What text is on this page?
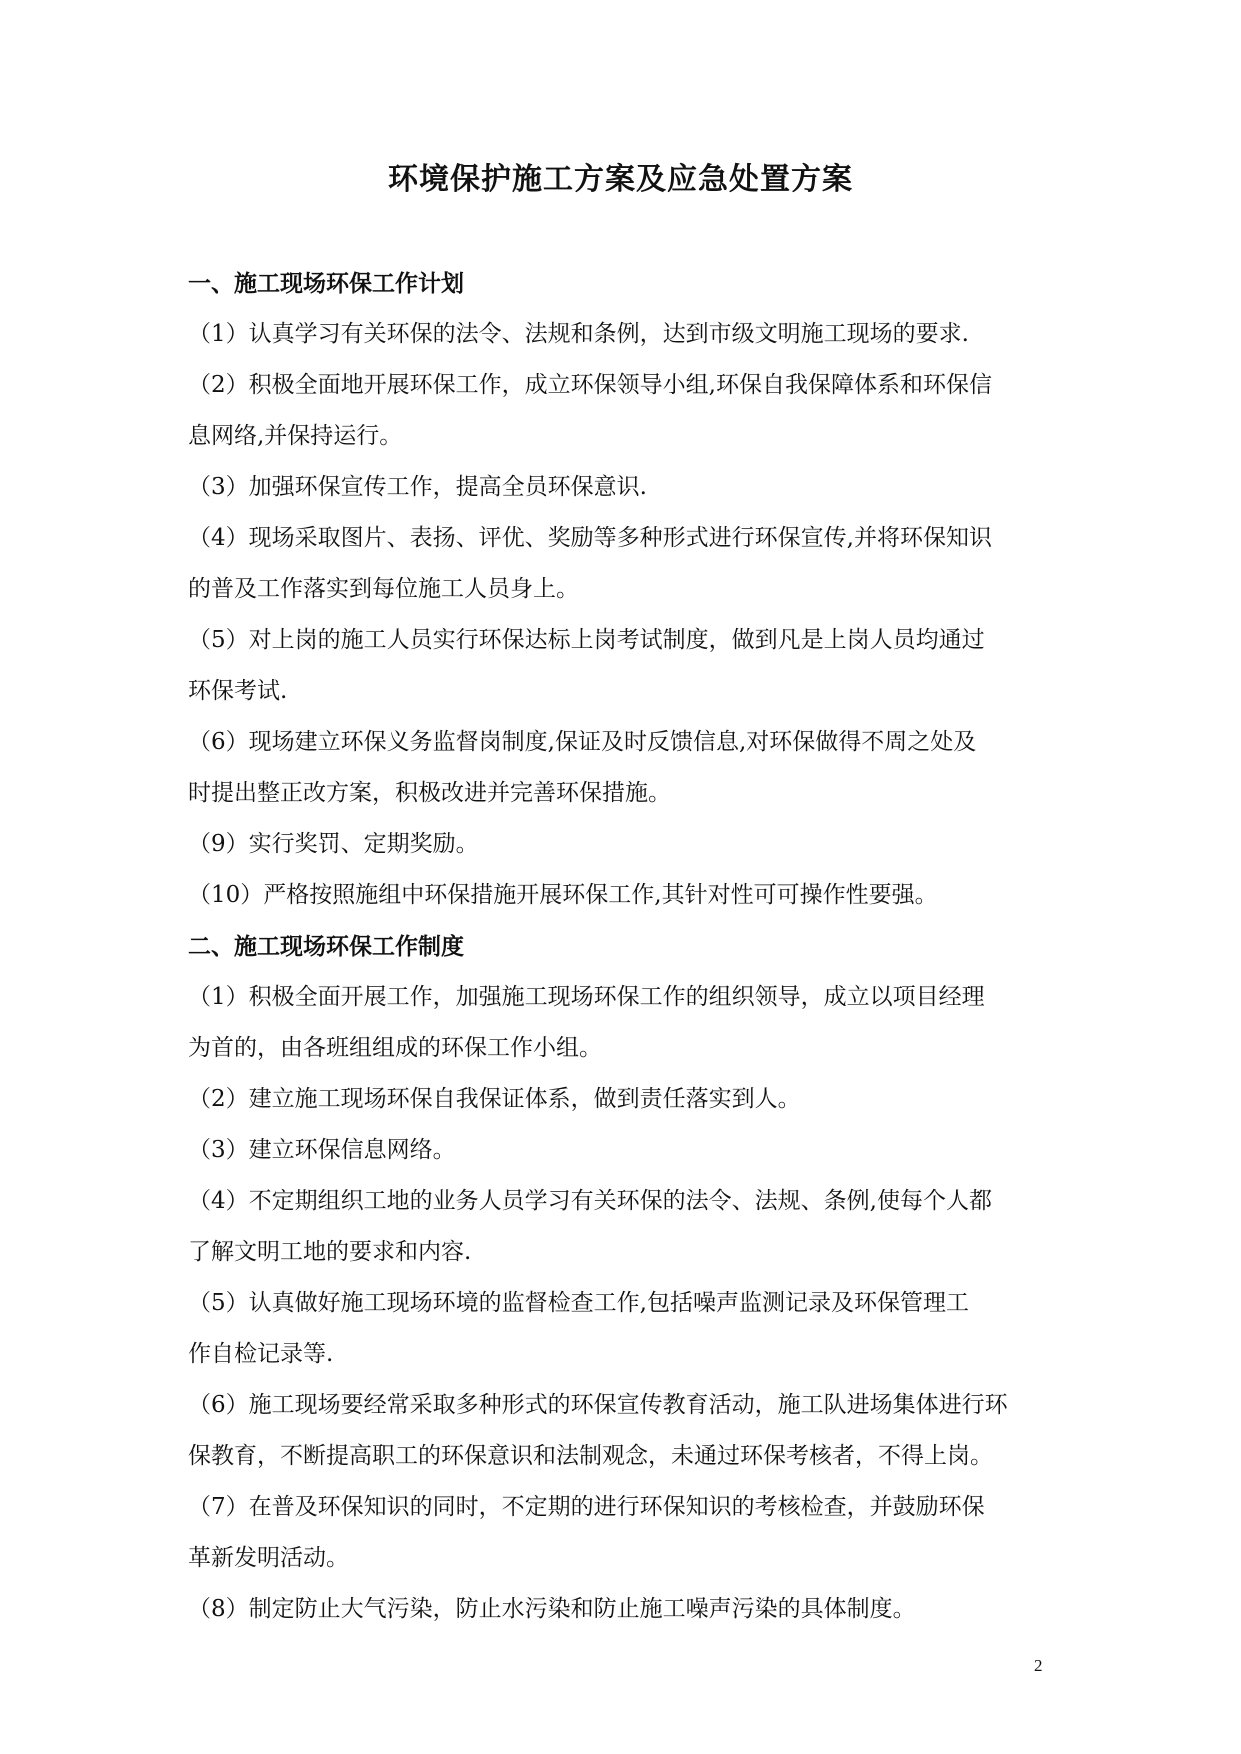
环境保护施工方案及应急处置方案
一、施工现场环保工作计划
（1）认真学习有关环保的法令、法规和条例，达到市级文明施工现场的要求.
（2）积极全面地开展环保工作，成立环保领导小组,环保自我保障体系和环保信
息网络,并保持运行。
（3）加强环保宣传工作，提高全员环保意识.
（4）现场采取图片、表扬、评优、奖励等多种形式进行环保宣传,并将环保知识
的普及工作落实到每位施工人员身上。
（5）对上岗的施工人员实行环保达标上岗考试制度，做到凡是上岗人员均通过
环保考试.
（6）现场建立环保义务监督岗制度,保证及时反馈信息,对环保做得不周之处及
时提出整正改方案，积极改进并完善环保措施。
（9）实行奖罚、定期奖励。
（10）严格按照施组中环保措施开展环保工作,其针对性可可操作性要强。
二、施工现场环保工作制度
（1）积极全面开展工作，加强施工现场环保工作的组织领导，成立以项目经理
为首的，由各班组组成的环保工作小组。
（2）建立施工现场环保自我保证体系，做到责任落实到人。
（3）建立环保信息网络。
（4）不定期组织工地的业务人员学习有关环保的法令、法规、条例,使每个人都
了解文明工地的要求和内容.
（5）认真做好施工现场环境的监督检查工作,包括噪声监测记录及环保管理工
作自检记录等.
（6）施工现场要经常采取多种形式的环保宣传教育活动，施工队进场集体进行环
保教育，不断提高职工的环保意识和法制观念，未通过环保考核者，不得上岗。
（7）在普及环保知识的同时，不定期的进行环保知识的考核检查，并鼓励环保
革新发明活动。
（8）制定防止大气污染，防止水污染和防止施工噪声污染的具体制度。
2
